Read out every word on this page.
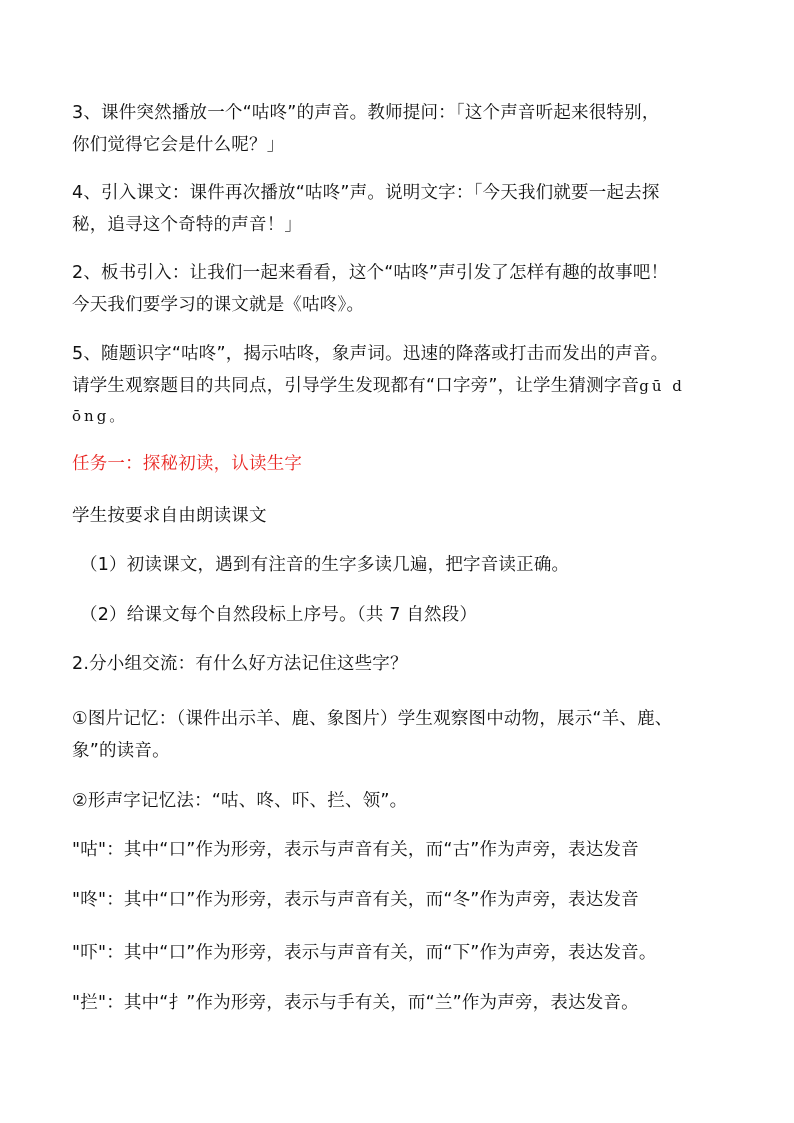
3、课件突然播放一个“咕咚”的声音。教师提问：「这个声音听起来很特别，
你们觉得它会是什么呢？」
4、引入课文：课件再次播放“咕咚”声。说明文字：「今天我们就要一起去探
秘，追寻这个奇特的声音！」
2、板书引入：让我们一起来看看，这个“咕咚”声引发了怎样有趣的故事吧！
今天我们要学习的课文就是《咕咚》。
5、随题识字“咕咚”，揭示咕咚，象声词。迅速的降落或打击而发出的声音。
请学生观察题目的共同点，引导学生发现都有“口字旁”，让学生猜测字音gū d
ōng。
任务一：探秘初读，认读生字
学生按要求自由朗读课文
（1）初读课文，遇到有注音的生字多读几遍，把字音读正确。
（2）给课文每个自然段标上序号。（共 7 自然段）
2.分小组交流：有什么好方法记住这些字？
①图片记忆：（课件出示羊、鹿、象图片）学生观察图中动物，展示“羊、鹿、
象”的读音。
②形声字记忆法：“咕、咚、吓、拦、领”。
"咕"：其中“口”作为形旁，表示与声音有关，而“古”作为声旁，表达发音
"咚"：其中“口”作为形旁，表示与声音有关，而“冬”作为声旁，表达发音
"吓"：其中“口”作为形旁，表示与声音有关，而“下”作为声旁，表达发音。
"拦"：其中“扌”作为形旁，表示与手有关，而“兰”作为声旁，表达发音。
